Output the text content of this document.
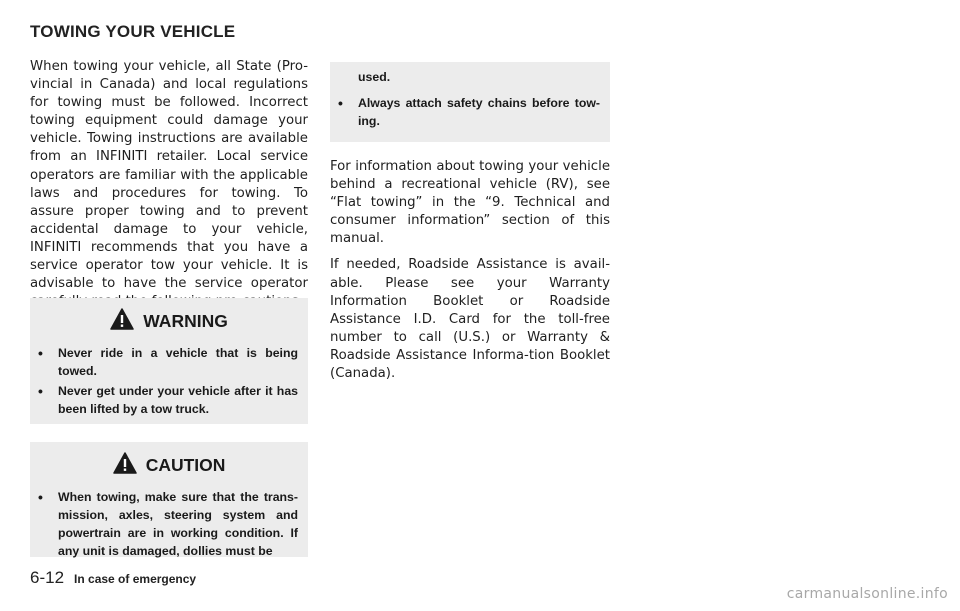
TOWING YOUR VEHICLE

When towing your vehicle, all State (Pro-vincial in Canada) and local regulations for towing must be followed. Incorrect towing equipment could damage your vehicle. Towing instructions are available from an INFINITI retailer. Local service operators are familiar with the applicable laws and procedures for towing. To assure proper towing and to prevent accidental damage to your vehicle, INFINITI recommends that you have a service operator tow your vehicle. It is advisable to have the service operator

WARNING
• Never ride in a vehicle that is being towed.
• Never get under your vehicle after it has been lifted by a tow truck.
CAUTION
• When towing, make sure that the trans-mission, axles, steering system and powertrain are in working condition. If any unit is damaged, dollies must be
used.
• Always attach safety chains before tow-ing.

For information about towing your vehicle behind a recreational vehicle (RV), see “Flat towing” in the “9. Technical and consumer information” section of this manual.

If needed, Roadside Assistance is avail-able. Please see your Warranty Information Booklet or Roadside Assistance I.D. Card for the toll-free number to call (U.S.) or Warranty & Roadside Assistance Informa-tion Booklet (Canada).

6-12 In case of emergency
carmanualsonline.info
